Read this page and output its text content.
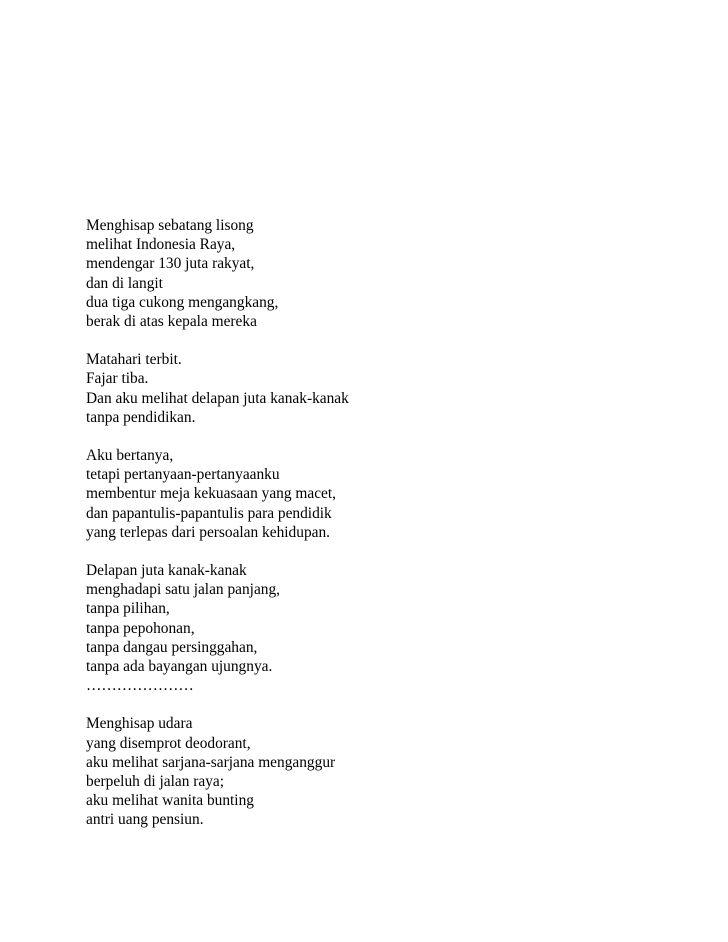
Menghisap sebatang lisong
melihat Indonesia Raya,
mendengar 130 juta rakyat,
dan di langit
dua tiga cukong mengangkang,
berak di atas kepala mereka
Matahari terbit.
Fajar tiba.
Dan aku melihat delapan juta kanak-kanak
tanpa pendidikan.
Aku bertanya,
tetapi pertanyaan-pertanyaanku
membentur meja kekuasaan yang macet,
dan papantulis-papantulis para pendidik
yang terlepas dari persoalan kehidupan.
Delapan juta kanak-kanak
menghadapi satu jalan panjang,
tanpa pilihan,
tanpa pepohonan,
tanpa dangau persinggahan,
tanpa ada bayangan ujungnya.
…………………
Menghisap udara
yang disemprot deodorant,
aku melihat sarjana-sarjana menganggur
berpeluh di jalan raya;
aku melihat wanita bunting
antri uang pensiun.
